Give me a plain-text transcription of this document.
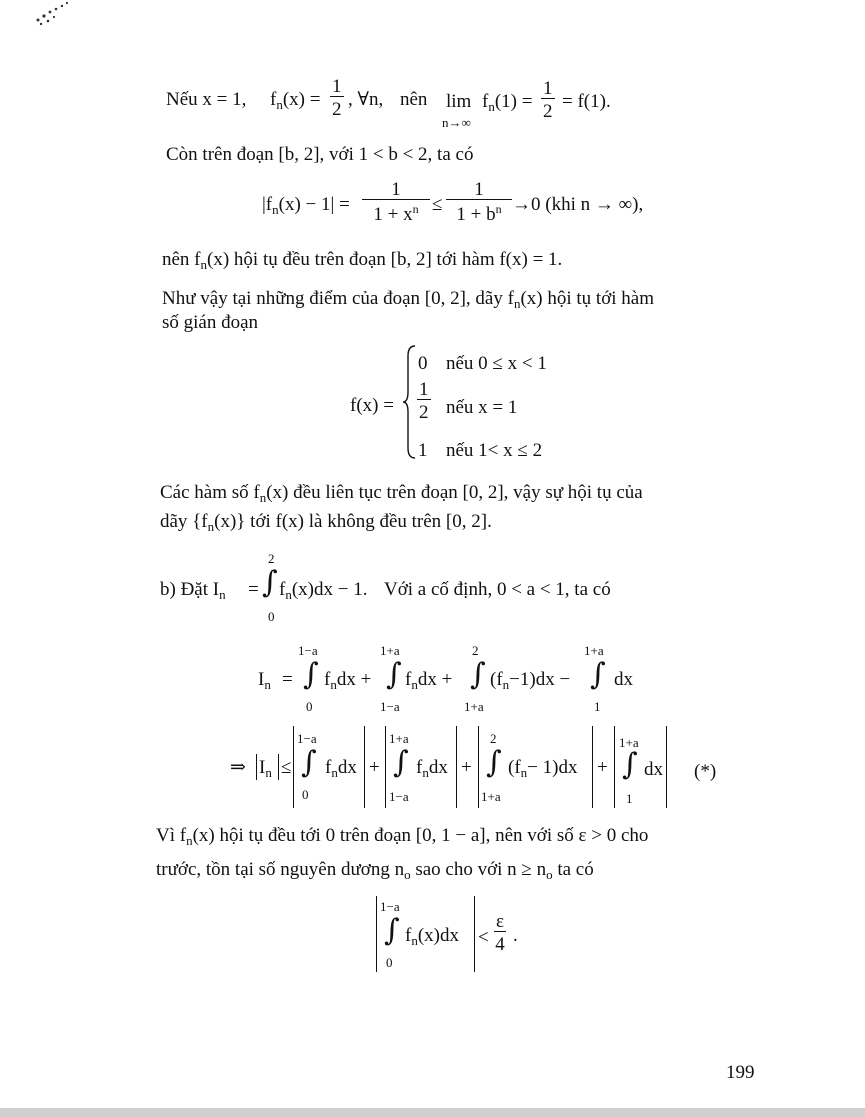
Nếu x = 1, $f_n(x) = \frac{1}{2}$ , ∀n, nên lim
n→∞
$f_n(1) = \frac{1}{2} = f(1)$.
Còn trên đoạn [b, 2], với 1 < b < 2, ta có
$|f_n(x) - 1| = \frac{1}{1 + x^n} \le \frac{1}{1 + b^n} \to 0$ (khi n → ∞),
nên $f_n(x)$ hội tụ đều trên đoạn [b, 2] tới hàm f(x) = 1.
Như vậy tại những điểm của đoạn [0, 2], dãy $f_n(x)$ hội tụ tới hàm
số gián đoạn
f(x) =
0 nếu 0 ≤ x < 1
$\frac{1}{2}$ nếu x = 1
1 nếu 1< x ≤ 2
Các hàm số $f_n(x)$ đều liên tục trên đoạn [0, 2], vậy sự hội tụ của
dãy $\{f_n(x)\}$ tới f(x) là không đều trên [0, 2].
b) Đặt $I_n$ =
2
∫
0
$f_n(x)dx - 1$. Với a cố định, 0 < a < 1, ta có
$I_n$ =
1−a
∫
0
$f_ndx$ +
1+a
∫
1−a
$f_ndx$ +
2
∫
1+a
$(f_n-1)dx$ −
1+a
∫
1
dx
⇒ $I_n$ ≤
1−a
∫
0
$f_ndx$ +
1+a
∫
1−a
$f_ndx$ +
2
∫
1+a
$(f_n- 1)dx$ +
1+a
∫
1
dx (*)
Vì $f_n(x)$ hội tụ đều tới 0 trên đoạn [0, 1 − a], nên với số ε > 0 cho
trước, tồn tại số nguyên dương $n_o$ sao cho với $n \ge n_o$ ta có
1−a
∫
0
$f_n(x)dx < \frac{\varepsilon}{4}$ .
199
